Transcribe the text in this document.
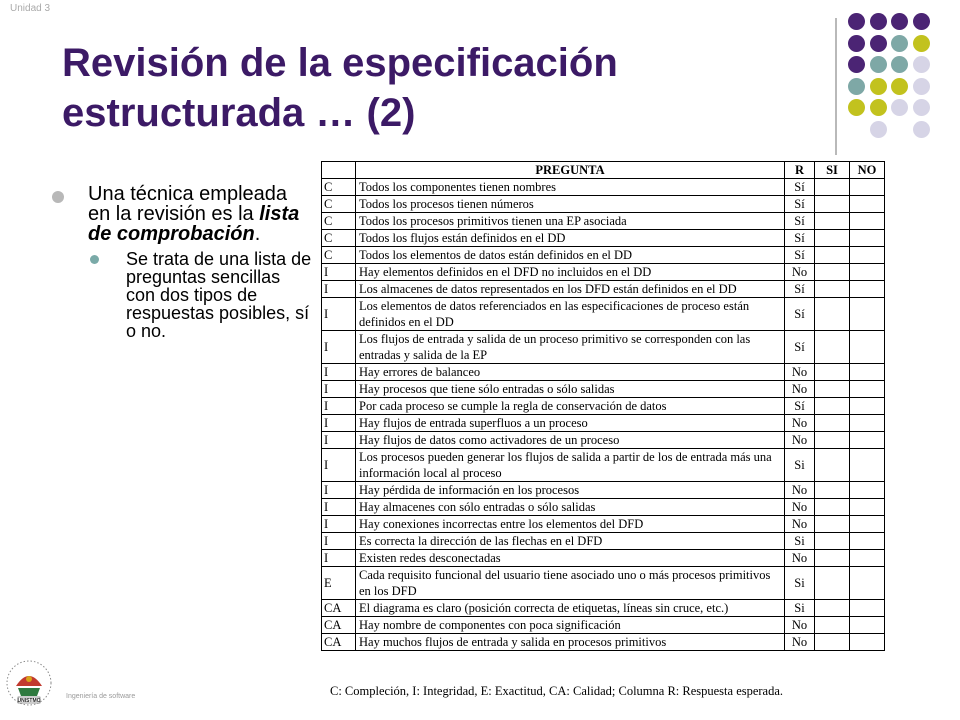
Unidad 3
Revisión de la especificación
estructurada … (2)
Una técnica empleada en la revisión es la lista de comprobación.
Se trata de una lista de preguntas sencillas con dos tipos de respuestas posibles, sí o no.
	PREGUNTA	R	SI	NO
C	Todos los componentes tienen nombres	Sí		
C	Todos los procesos tienen números	Sí		
C	Todos los procesos primitivos tienen una EP asociada	Sí		
C	Todos los flujos están definidos en el DD	Sí		
C	Todos los elementos de datos están definidos en el DD	Sí		
I	Hay elementos definidos en el DFD no incluidos en el DD	No		
I	Los almacenes de datos representados en los DFD están definidos en el DD	Sí		
I	Los elementos de datos referenciados en las especificaciones de proceso están definidos en el DD	Sí		
I	Los flujos de entrada y salida de un proceso primitivo se corresponden con las entradas y salida de la EP	Sí		
I	Hay errores de balanceo	No		
I	Hay procesos que tiene sólo entradas o sólo salidas	No		
I	Por cada proceso se cumple la regla de conservación de datos	Sí		
I	Hay flujos de entrada superfluos a un proceso	No		
I	Hay flujos de datos como activadores de un proceso	No		
I	Los procesos pueden generar los flujos de salida a partir de los de entrada más una información local al proceso	Si		
I	Hay pérdida de información en los procesos	No		
I	Hay almacenes con sólo entradas o sólo salidas	No		
I	Hay conexiones incorrectas entre los elementos del DFD	No		
I	Es correcta la dirección de las flechas en el DFD	Si		
I	Existen redes desconectadas	No		
E	Cada requisito funcional del usuario tiene asociado uno o más procesos primitivos en los DFD	Si		
CA	El diagrama es claro (posición correcta de etiquetas, líneas sin cruce, etc.)	Si		
CA	Hay nombre de componentes con poca significación	No		
CA	Hay muchos flujos de entrada y salida en procesos primitivos	No		
C: Compleción, I: Integridad, E: Exactitud, CA: Calidad; Columna R: Respuesta esperada.
UNISTMO
Ingeniería de software
